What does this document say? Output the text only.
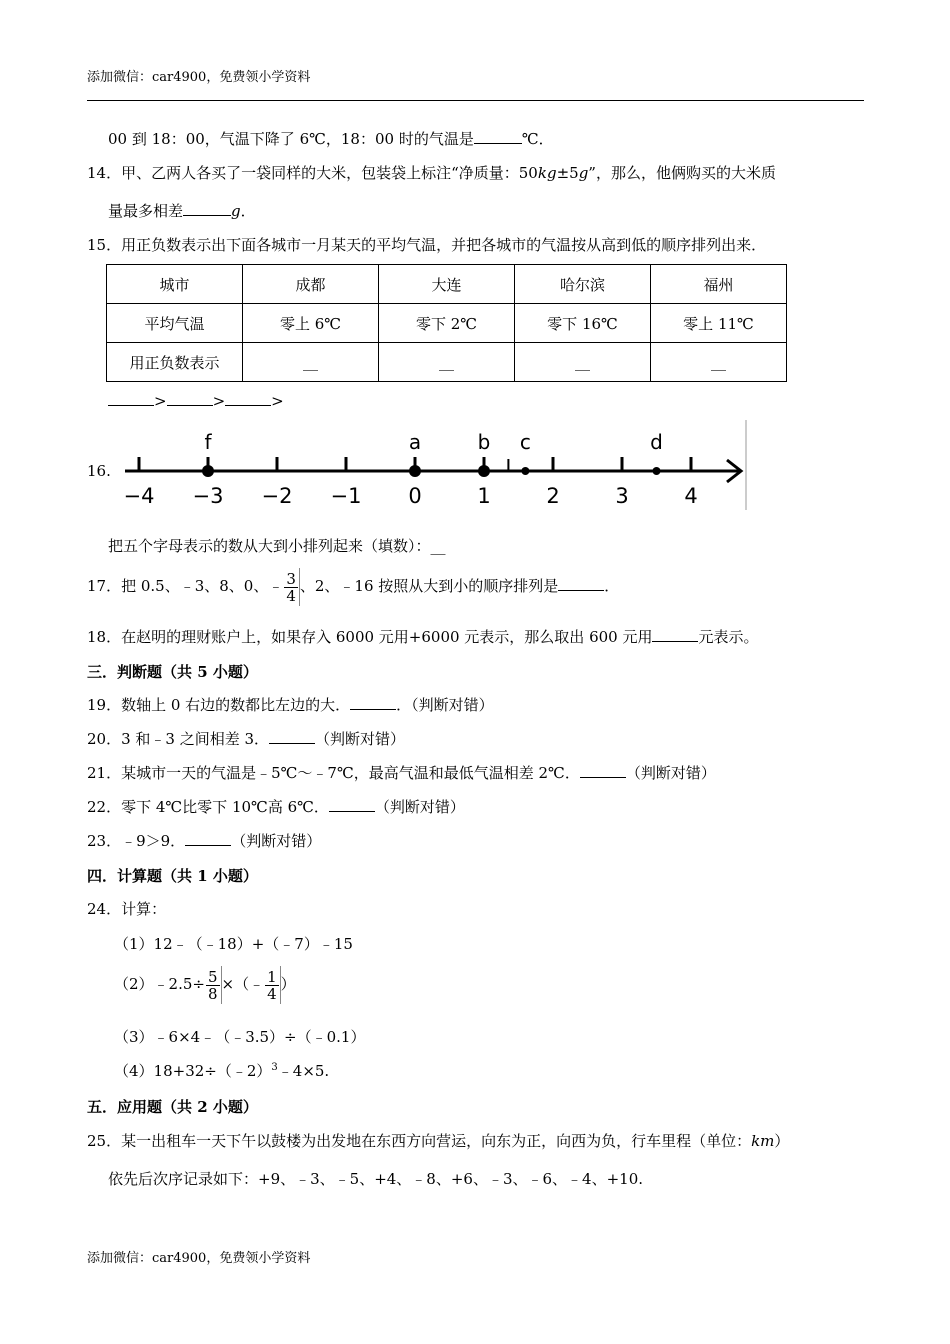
添加微信：car4900，免费领小学资料
00 到 18：00，气温下降了 6℃，18：00 时的气温是	℃．
14．甲、乙两人各买了一袋同样的大米，包装袋上标注“净质量：50kg±5g”，那么，他俩购买的大米质
量最多相差	g．
15．用正负数表示出下面各城市一月某天的平均气温，并把各城市的气温按从高到低的顺序排列出来．
城市	成都	大连	哈尔滨	福州
平均气温	零上 6℃	零下 2℃	零下 16℃	零上 11℃
用正负数表示	__	__	__	__
>	>	>
16.
−4 −3 −2 −1 0	1	2	3	4
f	a	b c	d
把五个字母表示的数从大到小排列起来（填数）：__
17．把 0.5、﹣3、8、0、﹣ $\frac{3}{4}$ 、2、﹣16 按照从大到小的顺序排列是	．
18．在赵明的理财账户上，如果存入 6000 元用+6000 元表示，那么取出 600 元用	元表示。
三．判断题（共 5 小题）
19．数轴上 0 右边的数都比左边的大．	．（判断对错）
20．3 和﹣3 之间相差 3．	（判断对错）
21．某城市一天的气温是﹣5℃～﹣7℃，最高气温和最低气温相差 2℃．	（判断对错）
22．零下 4℃比零下 10℃高 6℃．	（判断对错）
23．﹣9＞9．	（判断对错）
四．计算题（共 1 小题）
24．计算：
（1）12﹣（﹣18）+（﹣7）﹣15
（2）﹣2.5÷ $\frac{5}{8}$ ×（﹣ $\frac{1}{4}$ ）
（3）﹣6×4﹣（﹣3.5）÷（﹣0.1）
（4）18+32÷（﹣2）$^3$﹣4×5.
五．应用题（共 2 小题）
25．某一出租车一天下午以鼓楼为出发地在东西方向营运，向东为正，向西为负，行车里程（单位：km）
依先后次序记录如下：+9、﹣3、﹣5、+4、﹣8、+6、﹣3、﹣6、﹣4、+10.
添加微信：car4900，免费领小学资料
